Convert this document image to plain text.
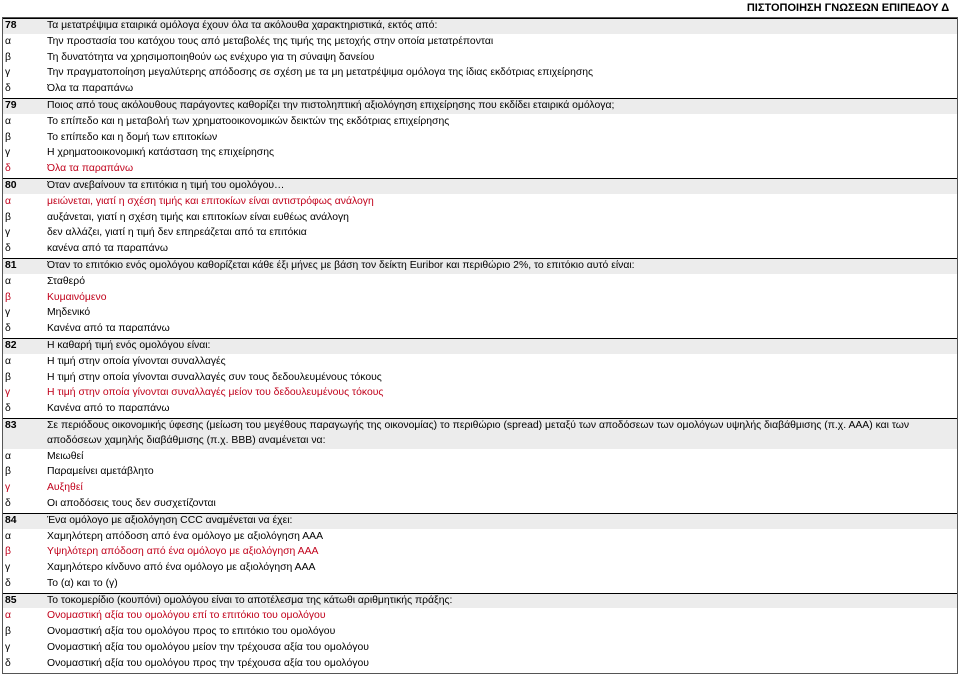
ΠΙΣΤΟΠΟΙΗΣΗ ΓΝΩΣΕΩΝ ΕΠΙΠΕΔΟΥ Δ
78	Τα μετατρέψιμα εταιρικά ομόλογα έχουν όλα τα ακόλουθα χαρακτηριστικά, εκτός από:
α	Την προστασία του κατόχου τους από μεταβολές της τιμής της μετοχής στην οποία μετατρέπονται
β	Τη δυνατότητα να χρησιμοποιηθούν ως ενέχυρο για τη σύναψη δανείου
γ	Την πραγματοποίηση μεγαλύτερης απόδοσης σε σχέση με τα μη μετατρέψιμα ομόλογα της ίδιας εκδότριας επιχείρησης
δ	Όλα τα παραπάνω
79	Ποιος από τους ακόλουθους παράγοντες καθορίζει την πιστοληπτική αξιολόγηση επιχείρησης που εκδίδει εταιρικά ομόλογα;
α	Το επίπεδο και η μεταβολή των χρηματοοικονομικών δεικτών της εκδότριας επιχείρησης
β	Το επίπεδο και η δομή των επιτοκίων
γ	Η χρηματοοικονομική κατάσταση της επιχείρησης
δ	Όλα τα παραπάνω
80	Όταν ανεβαίνουν τα επιτόκια η τιμή του ομολόγου…
α	μειώνεται, γιατί η σχέση τιμής και επιτοκίων είναι αντιστρόφως ανάλογη
β	αυξάνεται, γιατί η σχέση τιμής και επιτοκίων είναι ευθέως ανάλογη
γ	δεν αλλάζει, γιατί η τιμή δεν επηρεάζεται από τα επιτόκια
δ	κανένα από τα παραπάνω
81	Όταν το επιτόκιο ενός ομολόγου καθορίζεται κάθε έξι μήνες με βάση τον δείκτη Euribor και περιθώριο 2%, το επιτόκιο αυτό είναι:
α	Σταθερό
β	Κυμαινόμενο
γ	Μηδενικό
δ	Κανένα από τα παραπάνω
82	Η καθαρή τιμή ενός ομολόγου είναι:
α	Η τιμή στην οποία γίνονται συναλλαγές
β	Η τιμή στην οποία γίνονται συναλλαγές συν τους δεδουλευμένους τόκους
γ	Η τιμή στην οποία γίνονται συναλλαγές μείον του δεδουλευμένους τόκους
δ	Κανένα από το παραπάνω
83	Σε περιόδους οικονομικής ύφεσης (μείωση του μεγέθους παραγωγής της οικονομίας) το περιθώριο (spread) μεταξύ των αποδόσεων των ομολόγων υψηλής διαβάθμισης (π.χ. ΑΑΑ) και των αποδόσεων χαμηλής διαβάθμισης (π.χ. ΒΒΒ) αναμένεται να:
α	Μειωθεί
β	Παραμείνει αμετάβλητο
γ	Αυξηθεί
δ	Οι αποδόσεις τους δεν συσχετίζονται
84	Ένα ομόλογο με αξιολόγηση CCC αναμένεται να έχει:
α	Χαμηλότερη απόδοση από ένα ομόλογο με αξιολόγηση ΑΑΑ
β	Υψηλότερη απόδοση από ένα ομόλογο με αξιολόγηση ΑΑΑ
γ	Χαμηλότερο κίνδυνο από ένα ομόλογο με αξιολόγηση ΑΑΑ
δ	Το (α) και το (γ)
85	Το τοκομερίδιο (κουπόνι) ομολόγου είναι το αποτέλεσμα της κάτωθι αριθμητικής πράξης:
α	Ονομαστική αξία του ομολόγου επί το επιτόκιο του ομολόγου
β	Ονομαστική αξία του ομολόγου προς το επιτόκιο του ομολόγου
γ	Ονομαστική αξία του ομολόγου μείον την τρέχουσα αξία του ομολόγου
δ	Ονομαστική αξία του ομολόγου προς την τρέχουσα αξία του ομολόγου
